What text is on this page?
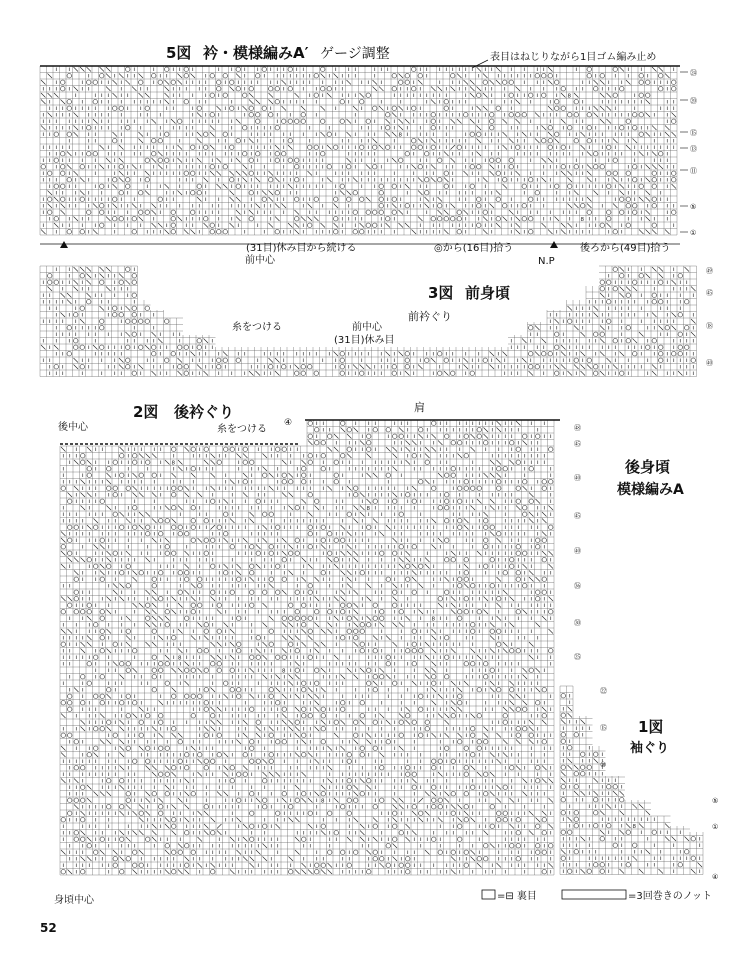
8
8
8
㉔
⑳
⑮
⑬
⑪
⑤
①
㊾
㊺
⑱
㊵
8
8
8
8
8
8
8
㊽
㊺
㊵
㊺
㊵
㊱
㉚
㉕
㉒
⑮
⑩
⑤
①
④
5図 衿・模様編みA′ ゲージ調整	表目はねじりながら1目ゴム編み止め
前中心
(31目)休み目から続ける	◎から(16目)拾う	後ろから(49目)拾う
N.P
3図 前身頃
前衿ぐり
糸をつける	前中心
(31目)休み目
2図 後衿ぐり
後中心	糸をつける
肩
④
身頃中心
後身頃
模様編みA
1図
袖ぐり
=⊟ 裏目	=3回巻きのノット
52
